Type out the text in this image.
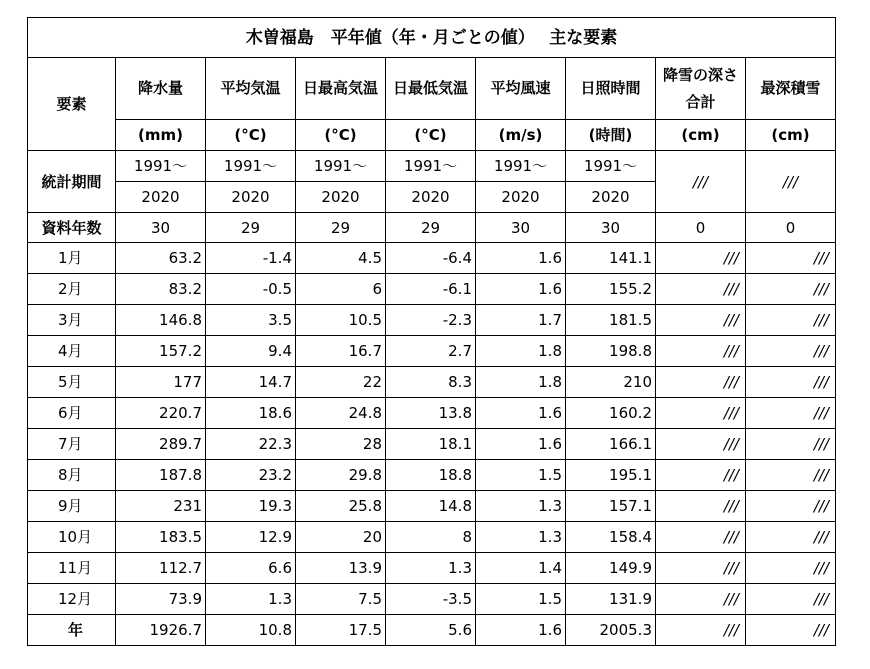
木曽福島　平年値（年・月ごとの値）　 主な要素								
要素	降水量	平均気温	日最高気温	日最低気温	平均風速	日照時間	降雪の深さ合計	最深積雪
	(mm)	(°C)	(°C)	(°C)	(m/s)	(時間)	(cm)	(cm)
統計期間	1991～	1991～	1991～	1991～	1991～	1991～	///	///
	2020	2020	2020	2020	2020	2020		
資料年数	30	29	29	29	30	30	0	0
1月	63.2	-1.4	4.5	-6.4	1.6	141.1	///	///
2月	83.2	-0.5	6	-6.1	1.6	155.2	///	///
3月	146.8	3.5	10.5	-2.3	1.7	181.5	///	///
4月	157.2	9.4	16.7	2.7	1.8	198.8	///	///
5月	177	14.7	22	8.3	1.8	210	///	///
6月	220.7	18.6	24.8	13.8	1.6	160.2	///	///
7月	289.7	22.3	28	18.1	1.6	166.1	///	///
8月	187.8	23.2	29.8	18.8	1.5	195.1	///	///
9月	231	19.3	25.8	14.8	1.3	157.1	///	///
10月	183.5	12.9	20	8	1.3	158.4	///	///
11月	112.7	6.6	13.9	1.3	1.4	149.9	///	///
12月	73.9	1.3	7.5	-3.5	1.5	131.9	///	///
年	1926.7	10.8	17.5	5.6	1.6	2005.3	///	///
